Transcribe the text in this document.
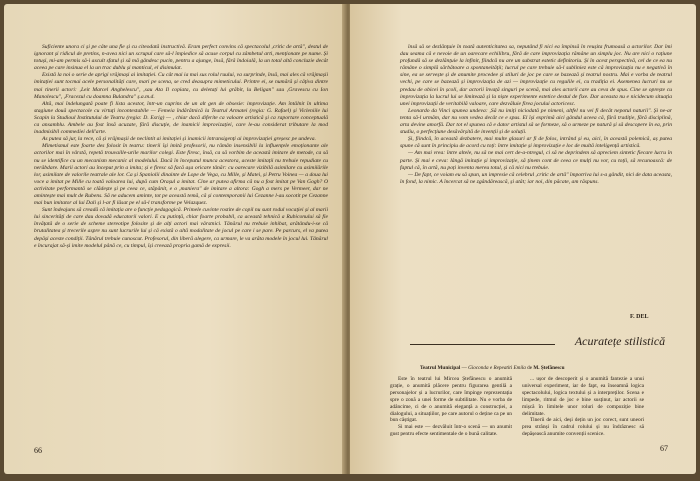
Suficiente unora ci și pe câte una fie și cu citeodată instructivă. Eram perfect convins că spectacolul ,critic de artă", destul de ignorant și ridicul de pretins, n-avea nici un scrupul care să-l împiedice să acuse corpul cu zâmbetul arti, menționate pe nume. Și totuși, mi-am permis să-i ascult sfatul și să mă gândesc pucin, pentru a ajunge, însă, fără îndoială, la un total altă concluzie decât aceea pe care insinua el la un trac dublu și manticul, el disimulat.

Există la noi o serie de aprigi vrăjmași ai imitației. Cu cât mai ia mai sus rolul ruului, va surprinde, însă, mai ales că vrăjmașii imitației sunt tocmai acele personalități care, mari pe scena, se cred deasupra mimeticului. Printre ei, se numără și câțiva dintre mai tinerii actori: ,Leit Marcel Anghelescu", ,sau Ata Il copiata, cu deletați lui grăbit, lu Beligan" sau ,Gravescu cu Ion Manolescu", ,Fracezul cu doamna Bulandra" ș.a.m.d.

Altă, mai îndelungată poate fi lista acestor, într-un cuprins de un alt gen de obsesie: improvizație. Am întâlnit în ultima stagiune două spectacole cu virtuți incontestabile — Femeia îndărătnică la Teatrul Armatei (regia: G. Rafael) și Vicleniile lui Scapin la Studioul Institutului de Teatru (regia: D. Esrig) — , chiar dacă diferite ca valoare artistică și ca raportare conceptuală ca ansamblu. Ambele au fost însă acuzate, fără discuție, de inamicii improvizației, care le-au considerat tributare la mod inadmisibil commediei dell'arte.

As putea să jur, la rece, că și vrăjmașii de neclintit ai imitației și inamicii intransigenți ai improvizației greșesc pe undeva.

Mimetismul este foarte des folosit în teatru: tinerii își imită profesorii, nu rămân insensibili la influențele emoționante ale actorilor mai în vârstă, repetă trouvaille-urile marilor colegi. Este firesc, însă, ca să vorbim de această imitare de metode, ca să nu se identifice cu un mecanism mecanic al modelului. Dacă în începutul munca acestora, aceste imitații nu trebuie repudiate cu nerăbdare. Marii actori au început prin a imita; și e firesc să facă așa oricare tânăr: cu oarecare vizibilă asimilare cu asimilările lor, asimilate de valorile teatrale ale lor. Ca și Spaniolii dinainte de Lope de Vega, cu Mille, și Matei, și Petru Voinea — a doua lui voce a imitat pe Mille cu toată valoarea lui, după cum Orașul a imitat. Cine ar putea afirma că nu a fost imitat pe Van Gogh? O activitate performantă se clădește și pe ceea ce, stăpânit, e o ,maniera" de imitare a altora: Gogh a mers pe Vermeer, dar ne amintește mai mult de Rubens. Să ne aducem aminte, tot pe această temă, că și contemporanii lui Cezanne l-au socotit pe Cezanne mai bun imitator al lui Dali și l-ar fi lăsat pe el să-l transforme pe Velazquez.

Sunt îndeajuns să creadă că imitația are o funcție pedagogică. Primele cuvinte rostite de copil nu sunt rodul vocației și al marii lui sincerități de care dau dovadă educatorii valori. E cu putință, chiar foarte probabil, ca această tehnică a Rubiconului să fie învățată de o serie de scheme stereotipe folosite și de alți actori mai vârstnici. Tânărul nu trebuie inhibat, arătându-i-se că brutalitatea și trecerile aspre nu sunt lucrurile lui și că există o altă modalitate de jocul pe care i se pare. Pe parcurs, el va putea depăși aceste condiții. Tânărul trebuie cunoscut. Profesorul, din liberă alegere, ca urmare, le va arăta modele în jocul lui. Tânărul e încurajat să-și imite modelul până ce, cu timpul, își creează propria gamă de expresii.

66

însă să se dezlănțuie în toată autenticitatea sa, neputând fi nici ea împinsă în reușita frumoasă a actorilor. Dar îmi dau seama că e nevoie de un oarecare echilibru, fără de care improvizația rămâne un simplu joc. Nu are nici o rațiune profundă să se dezlănțuie la infinit, fiindcă nu are un substrat estetic definitoriu. Și în acest perspectivă, cel de ce ea nu rămâne o simplă sărbătoare a spontaneității; lucrul pe care trebuie să-l subliniez este că improvizația nu e negativă în sine, ea se servește și de anumite procedee și stiluri de joc pe care se bazează și teatrul nostru. Mai e vorba de teatrul vechi, pe care se bazează și improvizația de azi — improvizație cu regulile ei, cu tradiția ei. Asemenea lucruri nu se predau de obicei în școli, dar actorii învață singuri pe scenă, mai ales actorii care au ceva de spus. Cine se oprește cu improvizația la lucrul lui se limitează și la niște experimente estetice destul de fixe. Dar aceasta nu e nicidecum situația unei improvizații de veritabilă valoare, care dezvăluie firea jocului actoricesc.

Leonardo da Vinci spunea undeva: ,Să nu imiți niciodată pe nimeni, altfel nu vei fi decât nepotul naturii". Și ne-ar tenta să-l urmăm, dar nu vom vedea decât ce e spus. El își exprimă aici gândul aceea că, fără tradiție, fără disciplină, arta devine amorfă. Dar tot el spunea că e dator artistul să se formeze, să o urmeze pe natură și să descopere în ea, prin studiu, o perfecțiune desăvârșită de invenții și de soluții.

Și, fiindcă, în această dezbatere, mai multe glasuri ar fi de folos, intrând și eu, aici, în această polemică, aș putea spune că sunt în principiu de acord cu toți: între imitație și improvizație e loc de multă inteligență artistică.

— Am mai vrea: între altele, nu să ne mai cert de-a-ntregul, ci să ne deprindem să apreciem sintetic fiecare lucru în parte. Și mai e ceva: lângă imitație și improvizație, să ținem cont de ceea ce mulți nu vor, cu toții, să recunoască: de faptul că, în artă, nu poți inventa mereu totul, și că nici nu trebuie.

— De fapt, ce voiam eu să spun, un impresie că celebrul ,critic de artă" împotriva lui s-a gândit, nici de data aceasta, în fond, la nimic. A încercat să ne zgândărească, și atât; iar noi, din păcate, am răspuns.

F. DEL
Acuratețe stilistică
Teatrul Municipal — Gioconda e Repeatiti Emila de M. Ștefănescu

Este în teatrul lui Mircea Ștefănescu o anumită grație, o anumită plăcere pentru figurarea gentilă a personajelor și a lucrurilor, care împinge reprezentația spre o zonă a unei forme de subtilitate. Nu e vorba de adâncime, ci de o anumită eleganță a construcției, a dialogului, a situațiilor, pe care autorul o deține ca pe un bun câștigat.

Si mai este — dezvăluit într-o scenă — un anumit gust pentru efecte sentimentale de o bună calitate.

... ușor de descoperit și o anumită fantezie a unui universal experiment, iar de fapt, ea înseamnă logica spectacolului, logica textului și a interpreților. Scena e limpede, ritmul de joc e bine susținut, iar actorii se mișcă în limitele unor roluri de compoziție bine delimitate.

Tinerii de aici, deși dețin un joc corect, sunt uneori prea strânși în cadrul rolului și nu îndrăznesc să depășească anumite convenții scenice.

67
